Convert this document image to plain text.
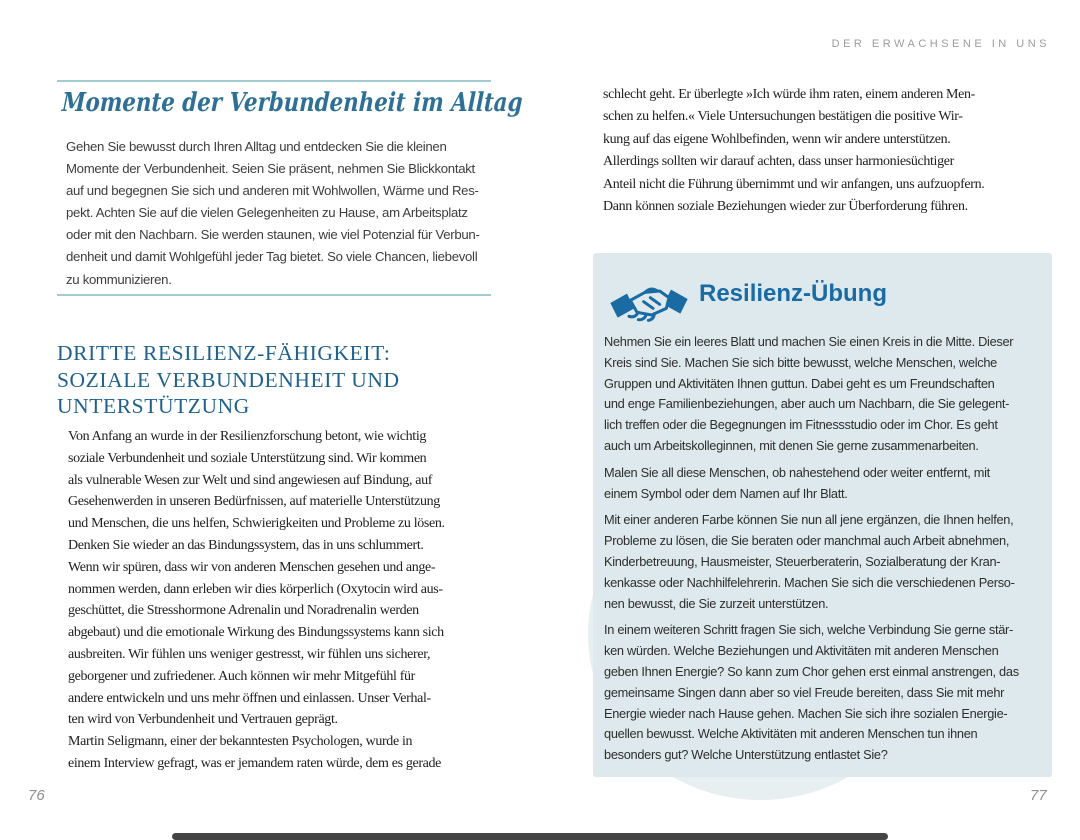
DER ERWACHSENE IN UNS
Momente der Verbundenheit im Alltag
Gehen Sie bewusst durch Ihren Alltag und entdecken Sie die kleinen
Momente der Verbundenheit. Seien Sie präsent, nehmen Sie Blickkontakt
auf und begegnen Sie sich und anderen mit Wohlwollen, Wärme und Res-
pekt. Achten Sie auf die vielen Gelegenheiten zu Hause, am Arbeitsplatz
oder mit den Nachbarn. Sie werden staunen, wie viel Potenzial für Verbun-
denheit und damit Wohlgefühl jeder Tag bietet. So viele Chancen, liebevoll
zu kommunizieren.
DRITTE RESILIENZ-FÄHIGKEIT:
SOZIALE VERBUNDENHEIT UND
UNTERSTÜTZUNG
Von Anfang an wurde in der Resilienzforschung betont, wie wichtig
soziale Verbundenheit und soziale Unterstützung sind. Wir kommen
als vulnerable Wesen zur Welt und sind angewiesen auf Bindung, auf
Gesehenwerden in unseren Bedürfnissen, auf materielle Unterstützung
und Menschen, die uns helfen, Schwierigkeiten und Probleme zu lösen.
Denken Sie wieder an das Bindungssystem, das in uns schlummert.
Wenn wir spüren, dass wir von anderen Menschen gesehen und ange-
nommen werden, dann erleben wir dies körperlich (Oxytocin wird aus-
geschüttet, die Stresshormone Adrenalin und Noradrenalin werden
abgebaut) und die emotionale Wirkung des Bindungssystems kann sich
ausbreiten. Wir fühlen uns weniger gestresst, wir fühlen uns sicherer,
geborgener und zufriedener. Auch können wir mehr Mitgefühl für
andere entwickeln und uns mehr öffnen und einlassen. Unser Verhal-
ten wird von Verbundenheit und Vertrauen geprägt.
Martin Seligmann, einer der bekanntesten Psychologen, wurde in
einem Interview gefragt, was er jemandem raten würde, dem es gerade
76
schlecht geht. Er überlegte »Ich würde ihm raten, einem anderen Men-
schen zu helfen.« Viele Untersuchungen bestätigen die positive Wir-
kung auf das eigene Wohlbefinden, wenn wir andere unterstützen.
Allerdings sollten wir darauf achten, dass unser harmoniesüchtiger
Anteil nicht die Führung übernimmt und wir anfangen, uns aufzuopfern.
Dann können soziale Beziehungen wieder zur Überforderung führen.
Resilienz-Übung

Nehmen Sie ein leeres Blatt und machen Sie einen Kreis in die Mitte. Dieser
Kreis sind Sie. Machen Sie sich bitte bewusst, welche Menschen, welche
Gruppen und Aktivitäten Ihnen guttun. Dabei geht es um Freundschaften
und enge Familienbeziehungen, aber auch um Nachbarn, die Sie gelegent-
lich treffen oder die Begegnungen im Fitnessstudio oder im Chor. Es geht
auch um Arbeitskolleginnen, mit denen Sie gerne zusammenarbeiten.

Malen Sie all diese Menschen, ob nahestehend oder weiter entfernt, mit
einem Symbol oder dem Namen auf Ihr Blatt.

Mit einer anderen Farbe können Sie nun all jene ergänzen, die Ihnen helfen,
Probleme zu lösen, die Sie beraten oder manchmal auch Arbeit abnehmen,
Kinderbetreuung, Hausmeister, Steuerberaterin, Sozialberatung der Kran-
kenkasse oder Nachhilfelehrerin. Machen Sie sich die verschiedenen Perso-
nen bewusst, die Sie zurzeit unterstützen.

In einem weiteren Schritt fragen Sie sich, welche Verbindung Sie gerne stär-
ken würden. Welche Beziehungen und Aktivitäten mit anderen Menschen
geben Ihnen Energie? So kann zum Chor gehen erst einmal anstrengen, das
gemeinsame Singen dann aber so viel Freude bereiten, dass Sie mit mehr
Energie wieder nach Hause gehen. Machen Sie sich ihre sozialen Energie-
quellen bewusst. Welche Aktivitäten mit anderen Menschen tun ihnen
besonders gut? Welche Unterstützung entlastet Sie?

77
